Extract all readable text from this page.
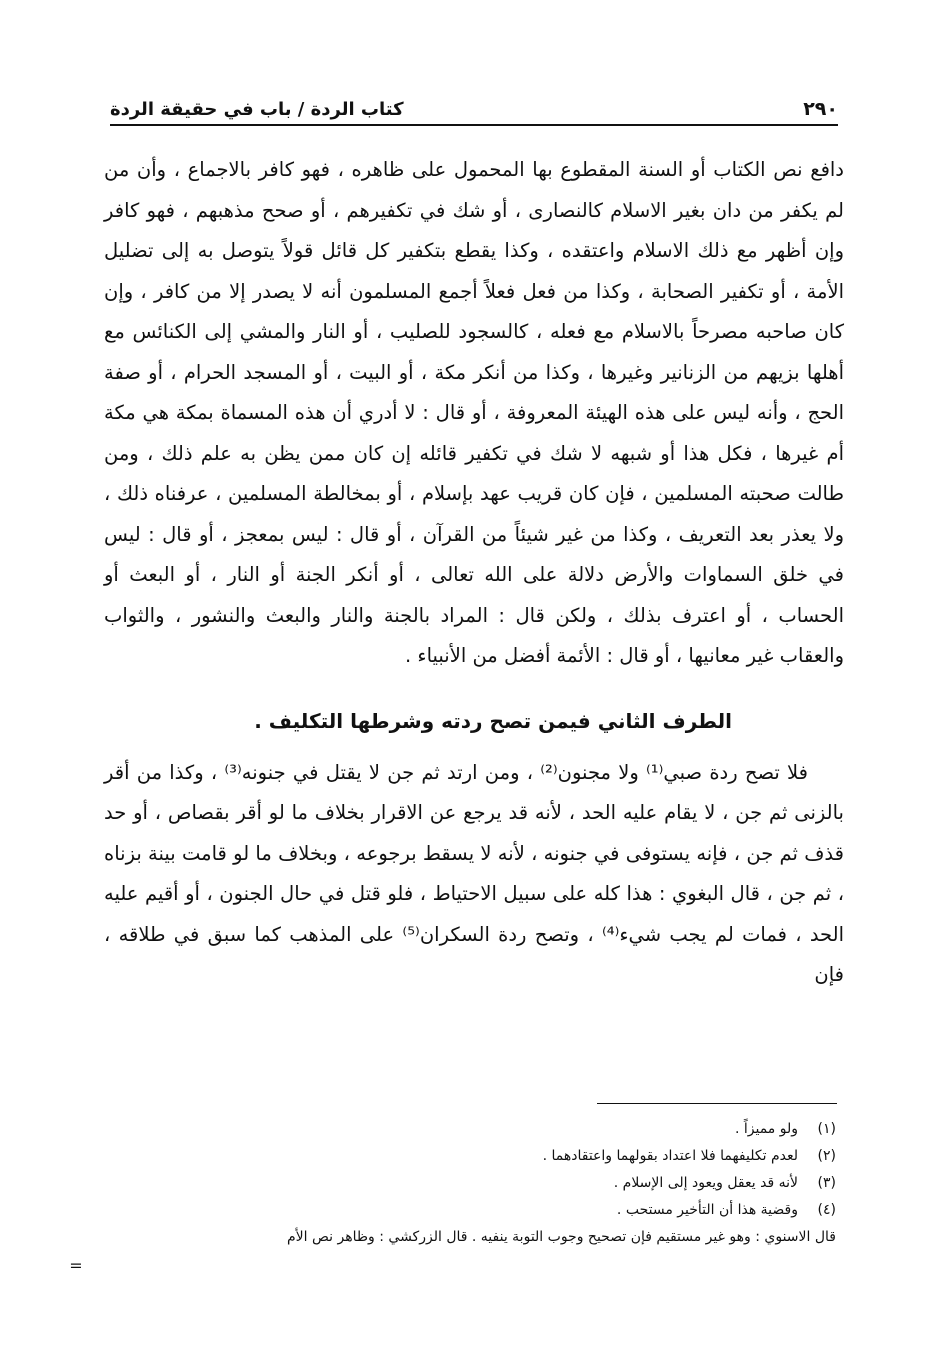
٢٩٠
كتاب الردة / باب في حقيقة الردة

دافع نص الكتاب أو السنة المقطوع بها المحمول على ظاهره ، فهو كافر بالاجماع ، وأن من لم يكفر من دان بغير الاسلام كالنصارى ، أو شك في تكفيرهم ، أو صحح مذهبهم ، فهو كافر وإن أظهر مع ذلك الاسلام واعتقده ، وكذا يقطع بتكفير كل قائل قولاً يتوصل به إلى تضليل الأمة ، أو تكفير الصحابة ، وكذا من فعل فعلاً أجمع المسلمون أنه لا يصدر إلا من كافر ، وإن كان صاحبه مصرحاً بالاسلام مع فعله ، كالسجود للصليب ، أو النار والمشي إلى الكنائس مع أهلها بزيهم من الزنانير وغيرها ، وكذا من أنكر مكة ، أو البيت ، أو المسجد الحرام ، أو صفة الحج ، وأنه ليس على هذه الهيئة المعروفة ، أو قال : لا أدري أن هذه المسماة بمكة هي مكة أم غيرها ، فكل هذا أو شبهه لا شك في تكفير قائله إن كان ممن يظن به علم ذلك ، ومن طالت صحبته المسلمين ، فإن كان قريب عهد بإسلام ، أو بمخالطة المسلمين ، عرفناه ذلك ، ولا يعذر بعد التعريف ، وكذا من غير شيئاً من القرآن ، أو قال : ليس بمعجز ، أو قال : ليس في خلق السماوات والأرض دلالة على الله تعالى ، أو أنكر الجنة أو النار ، أو البعث أو الحساب ، أو اعترف بذلك ، ولكن قال : المراد بالجنة والنار والبعث والنشور ، والثواب والعقاب غير معانيها ، أو قال : الأئمة أفضل من الأنبياء .

الطرف الثاني فيمن تصح ردته وشرطها التكليف .

فلا تصح ردة صبي⁽¹⁾ ولا مجنون⁽²⁾ ، ومن ارتد ثم جن لا يقتل في جنونه⁽³⁾ ، وكذا من أقر بالزنى ثم جن ، لا يقام عليه الحد ، لأنه قد يرجع عن الاقرار بخلاف ما لو أقر بقصاص ، أو حد قذف ثم جن ، فإنه يستوفى في جنونه ، لأنه لا يسقط برجوعه ، وبخلاف ما لو قامت بينة بزناه ، ثم جن ، قال البغوي : هذا كله على سبيل الاحتياط ، فلو قتل في حال الجنون ، أو أقيم عليه الحد ، فمات لم يجب شيء⁽⁴⁾ ، وتصح ردة السكران⁽⁵⁾ على المذهب كما سبق في طلاقه ، فإن

(١)
ولو مميزاً .
(٢)
لعدم تكليفهما فلا اعتداد بقولهما واعتقادهما .
(٣)
لأنه قد يعقل ويعود إلى الإسلام .
(٤)
وقضية هذا أن التأخير مستحب .
قال الاسنوي : وهو غير مستقيم فإن تصحيح وجوب التوبة ينفيه . قال الزركشي : وظاهر نص الأم
=
